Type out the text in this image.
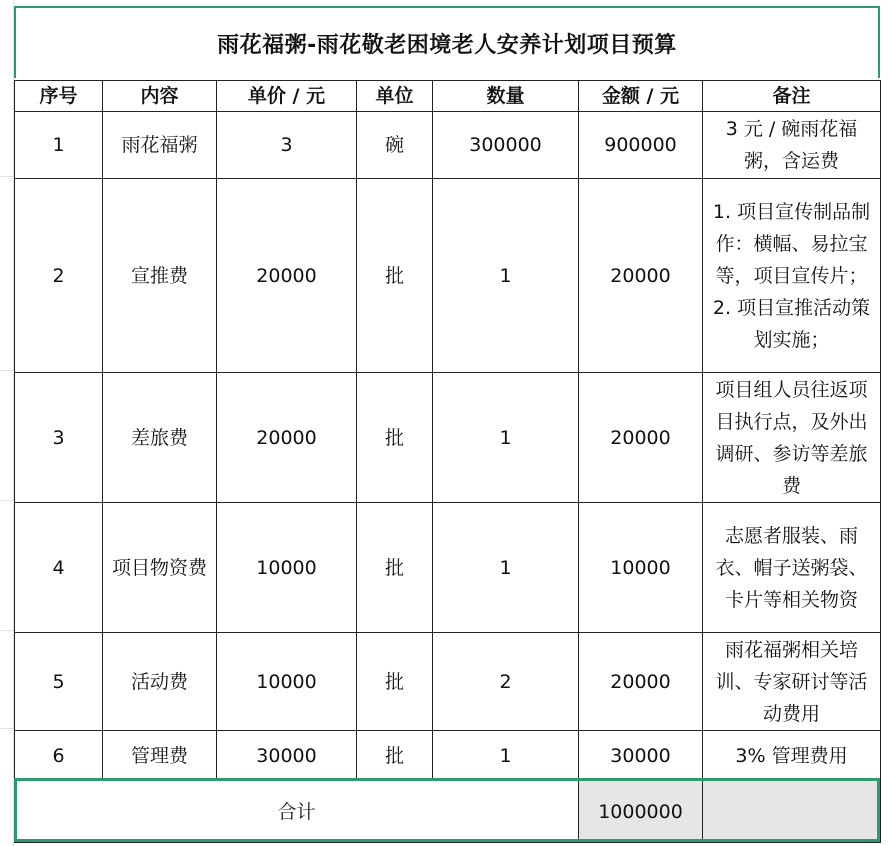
雨花福粥-雨花敬老困境老人安养计划项目预算
序号	内容	单价 / 元	单位	数量	金额 / 元	备注
1	雨花福粥	3	碗	300000	900000	3 元 / 碗雨花福粥，含运费
2	宣推费	20000	批	1	20000	1. 项目宣传制品制作：横幅、易拉宝等，项目宣传片；2. 项目宣推活动策划实施；
3	差旅费	20000	批	1	20000	项目组人员往返项目执行点，及外出调研、参访等差旅费
4	项目物资费	10000	批	1	10000	志愿者服装、雨衣、帽子送粥袋、卡片等相关物资
5	活动费	10000	批	2	20000	雨花福粥相关培训、专家研讨等活动费用
6	管理费	30000	批	1	30000	3% 管理费用
合计					1000000	
